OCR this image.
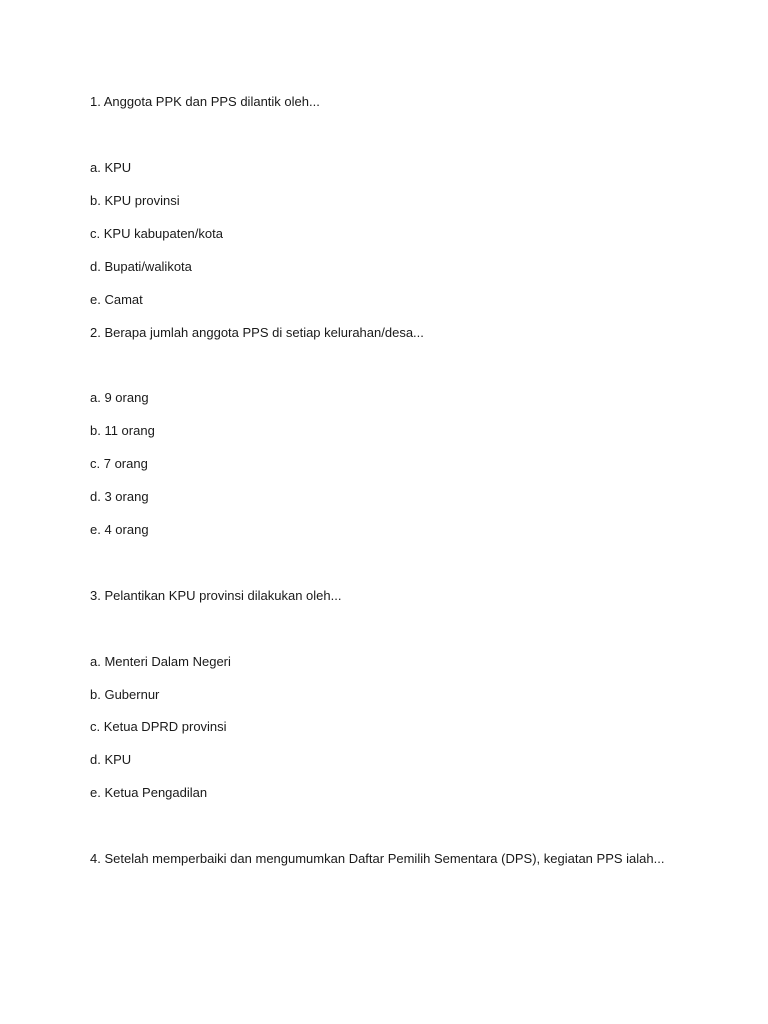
1. Anggota PPK dan PPS dilantik oleh...
a. KPU
b. KPU provinsi
c. KPU kabupaten/kota
d. Bupati/walikota
e. Camat
2. Berapa jumlah anggota PPS di setiap kelurahan/desa...
a. 9 orang
b. 11 orang
c. 7 orang
d. 3 orang
e. 4 orang
3. Pelantikan KPU provinsi dilakukan oleh...
a. Menteri Dalam Negeri
b. Gubernur
c. Ketua DPRD provinsi
d. KPU
e. Ketua Pengadilan
4. Setelah memperbaiki dan mengumumkan Daftar Pemilih Sementara (DPS), kegiatan PPS ialah...
